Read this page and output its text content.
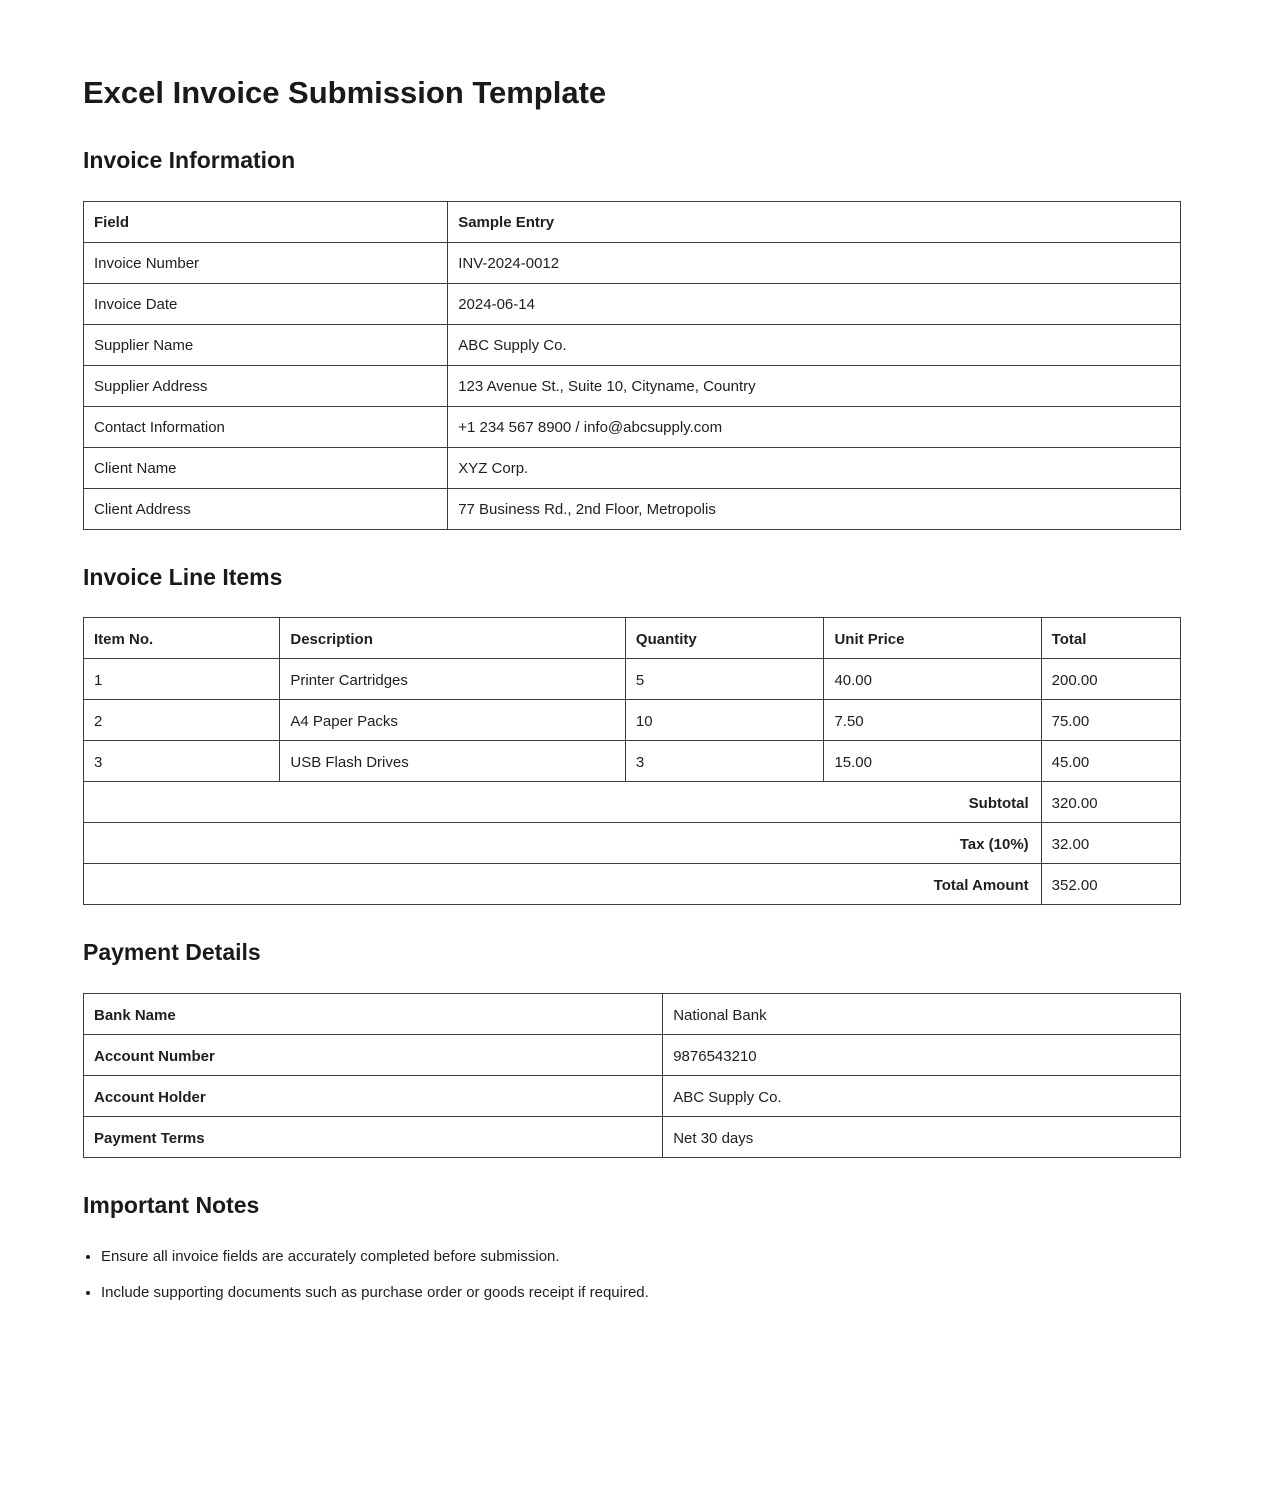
Excel Invoice Submission Template
Invoice Information
Field	Sample Entry
Invoice Number	INV-2024-0012
Invoice Date	2024-06-14
Supplier Name	ABC Supply Co.
Supplier Address	123 Avenue St., Suite 10, Cityname, Country
Contact Information	+1 234 567 8900 / info@abcsupply.com
Client Name	XYZ Corp.
Client Address	77 Business Rd., 2nd Floor, Metropolis
Invoice Line Items
Item No.	Description	Quantity	Unit Price	Total
1	Printer Cartridges	5	40.00	200.00
2	A4 Paper Packs	10	7.50	75.00
3	USB Flash Drives	3	15.00	45.00
Subtotal				320.00
Tax (10%)				32.00
Total Amount				352.00
Payment Details
Bank Name	National Bank
Account Number	9876543210
Account Holder	ABC Supply Co.
Payment Terms	Net 30 days
Important Notes
• Ensure all invoice fields are accurately completed before submission.
• Include supporting documents such as purchase order or goods receipt if required.
